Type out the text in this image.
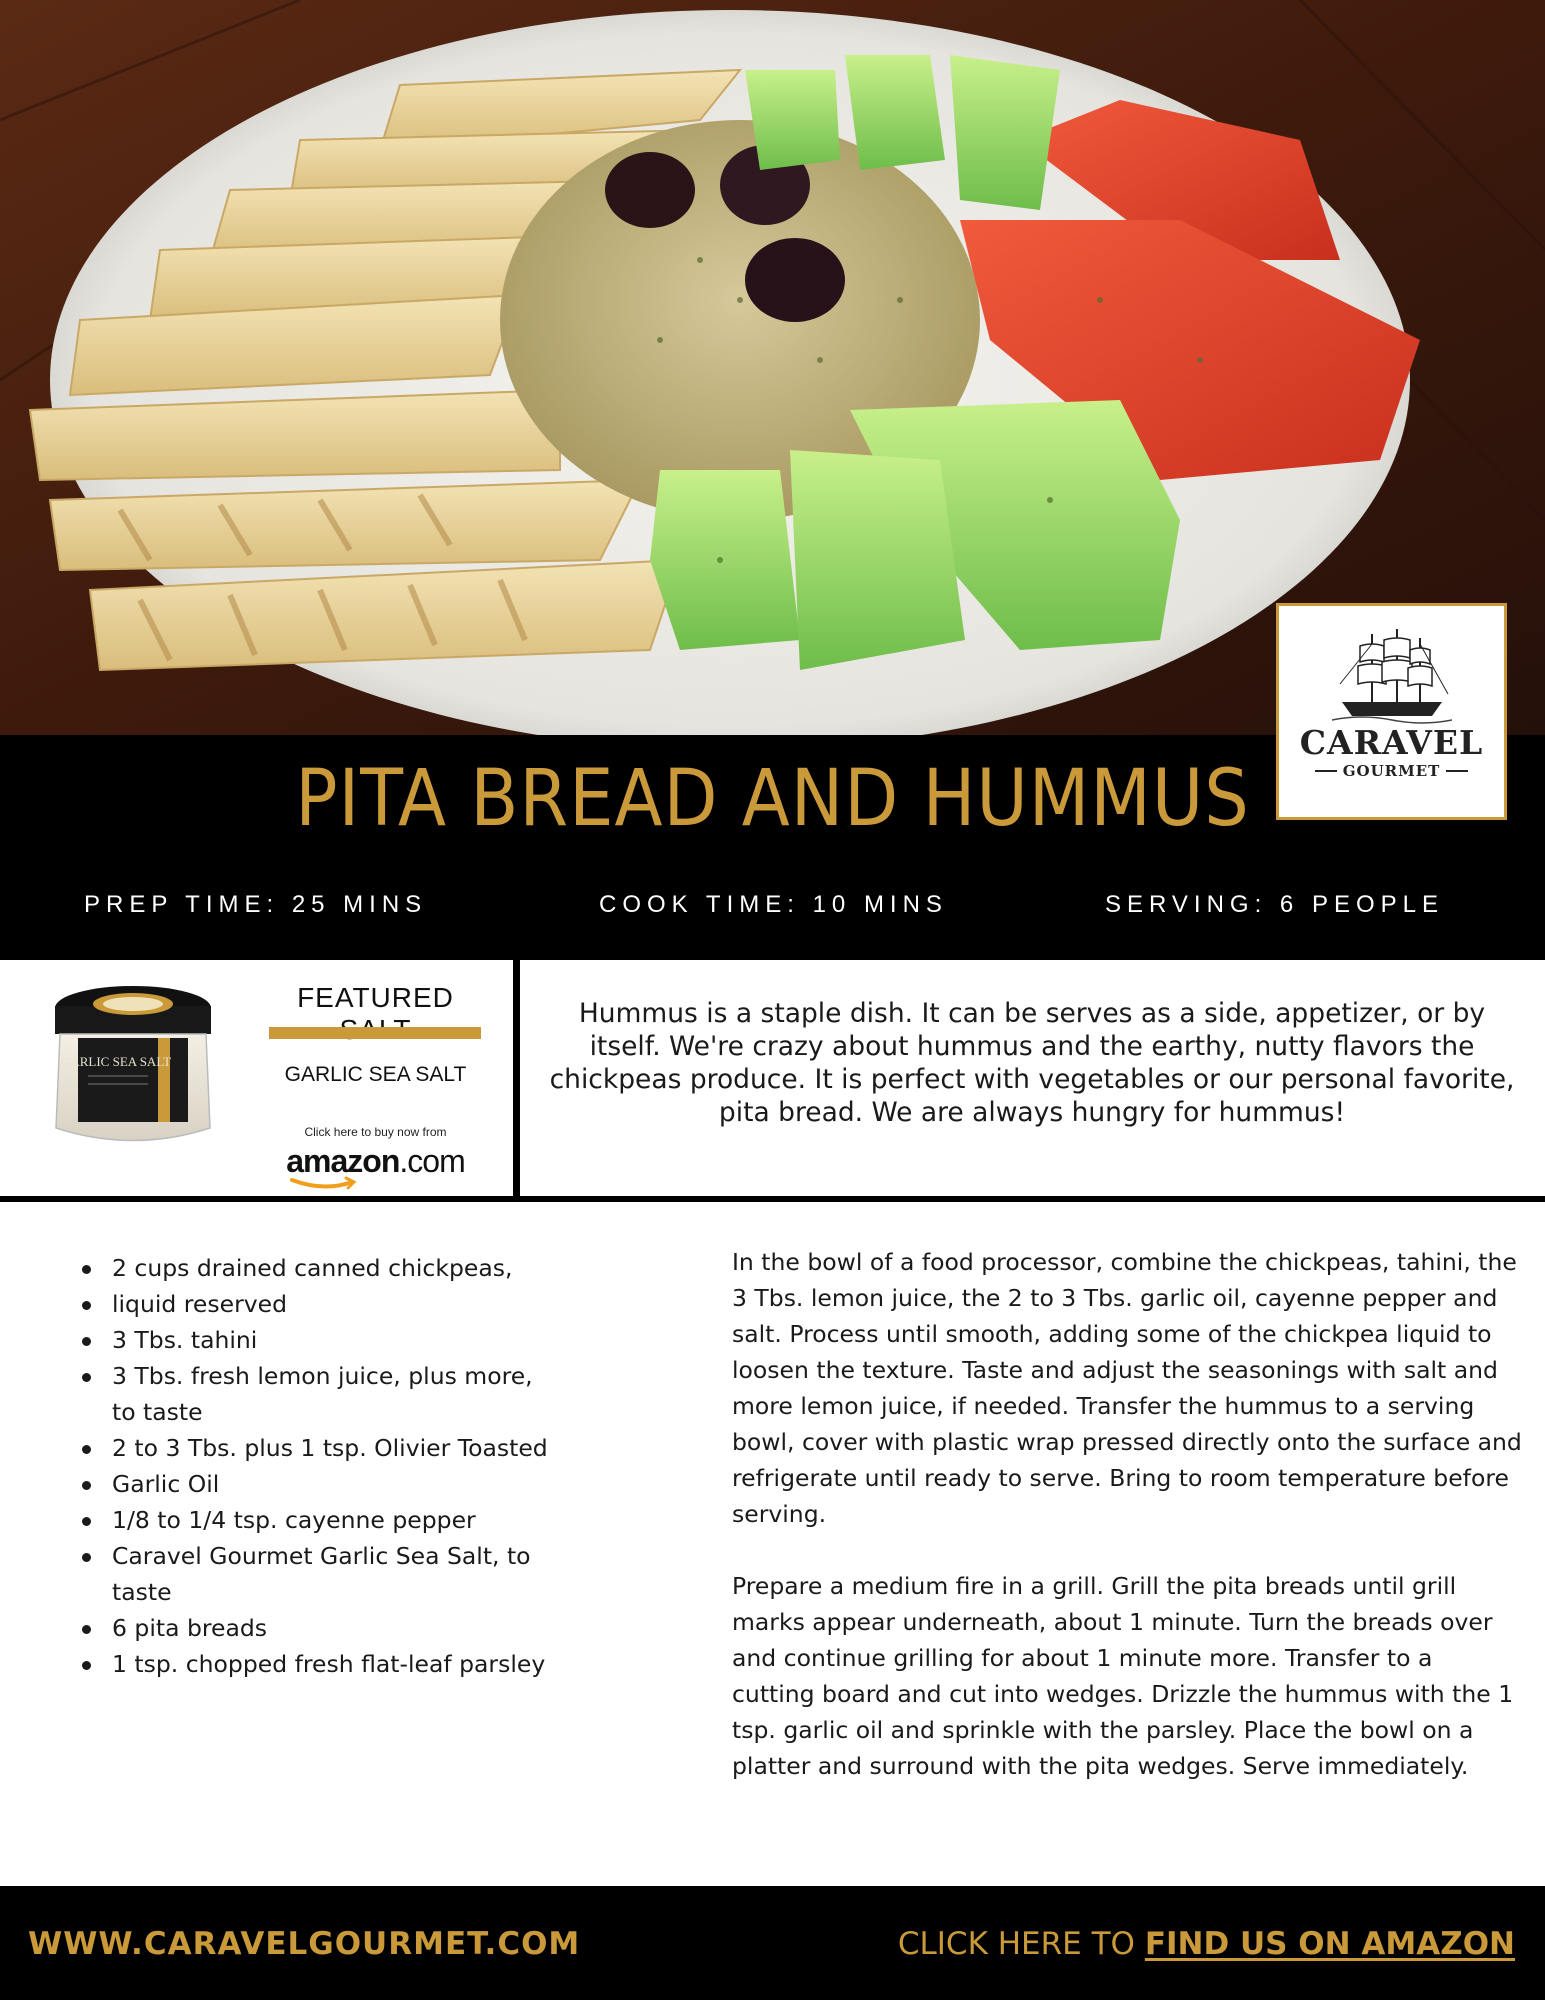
PITA BREAD AND HUMMUS
PREP TIME: 25 MINS	COOK TIME: 10 MINS	SERVING: 6 PEOPLE
CARAVEL
GOURMET
GARLIC SEA SALT
FEATURED
GARLIC SEA SALT
Click here to buy now from
amazon.com

Hummus is a staple dish. It can be serves as a side, appetizer, or by itself. We're crazy about hummus and the earthy, nutty flavors the chickpeas produce. It is perfect with vegetables or our personal favorite, pita bread. We are always hungry for hummus!

2 cups drained canned chickpeas,
liquid reserved
3 Tbs. tahini
3 Tbs. fresh lemon juice, plus more, to taste
2 to 3 Tbs. plus 1 tsp. Olivier Toasted
Garlic Oil
1/8 to 1/4 tsp. cayenne pepper
Caravel Gourmet Garlic Sea Salt, to taste
6 pita breads
1 tsp. chopped fresh flat-leaf parsley

In the bowl of a food processor, combine the chickpeas, tahini, the 3 Tbs. lemon juice, the 2 to 3 Tbs. garlic oil, cayenne pepper and salt. Process until smooth, adding some of the chickpea liquid to loosen the texture. Taste and adjust the seasonings with salt and more lemon juice, if needed. Transfer the hummus to a serving bowl, cover with plastic wrap pressed directly onto the surface and refrigerate until ready to serve. Bring to room temperature before serving.

Prepare a medium fire in a grill. Grill the pita breads until grill marks appear underneath, about 1 minute. Turn the breads over and continue grilling for about 1 minute more. Transfer to a cutting board and cut into wedges. Drizzle the hummus with the 1 tsp. garlic oil and sprinkle with the parsley. Place the bowl on a platter and surround with the pita wedges. Serve immediately.

WWW.CARAVELGOURMET.COM	CLICK HERE TO FIND US ON AMAZON
